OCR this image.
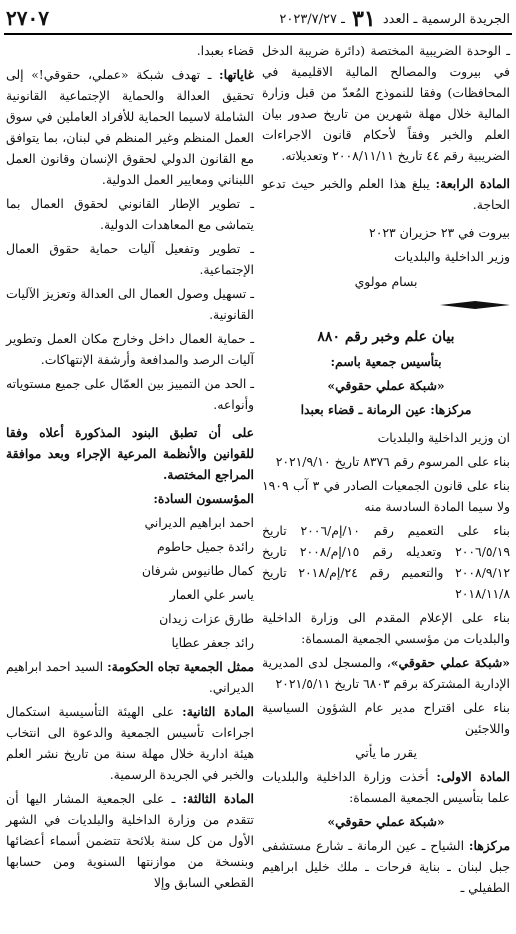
الجريدة الرسمية ـ العدد ٣١ ـ ٢٠٢٣/٧/٢٧
٢٧٠٧

ـ الوحدة الضريبية المختصة (دائرة ضريبة الدخل في بيروت والمصالح المالية الاقليمية في المحافظات) وفقا للنموذج المُعدّ من قبل وزارة المالية خلال مهلة شهرين من تاريخ صدور بيان العلم والخبر وفقاً لأحكام قانون الاجراءات الضريبية رقم ٤٤ تاريخ ٢٠٠٨/١١/١١ وتعديلاته.

المادة الرابعة: يبلغ هذا العلم والخبر حيث تدعو الحاجة.

بيروت في ٢٣ حزيران ٢٠٢٣

وزير الداخلية والبلديات

بسام مولوي

بيان علم وخبر رقم ٨٨٠

بتأسيس جمعية باسم:

«شبكة عملي حقوقي»

مركزها: عين الرمانة ـ قضاء بعبدا

ان وزير الداخلية والبلديات

بناء على المرسوم رقم ٨٣٧٦ تاريخ ٢٠٢١/٩/١٠

بناء على قانون الجمعيات الصادر في ٣ آب ١٩٠٩ ولا سيما المادة السادسة منه

بناء على التعميم رقم ١٠/إم/٢٠٠٦ تاريخ ٢٠٠٦/٥/١٩ وتعديله رقم ١٥/إم/٢٠٠٨ تاريخ ٢٠٠٨/٩/١٢ والتعميم رقم ٢٤/إم/٢٠١٨ تاريخ ٢٠١٨/١١/٨

بناء على الإعلام المقدم الى وزارة الداخلية والبلديات من مؤسسي الجمعية المسماة:

«شبكة عملي حقوقي»، والمسجل لدى المديرية الإدارية المشتركة برقم ٦٨٠٣ تاريخ ٢٠٢١/٥/١١

بناء على اقتراح مدير عام الشؤون السياسية واللاجئين

يقرر ما يأتي

المادة الاولى: أخذت وزارة الداخلية والبلديات علما بتأسيس الجمعية المسماة:

«شبكة عملي حقوقي»

مركزها: الشياح ـ عين الرمانة ـ شارع مستشفى جبل لبنان ـ بناية فرحات ـ ملك خليل ابراهيم الطفيلي ـ

قضاء بعبدا.

غاياتها: ـ تهدف شبكة «عملي، حقوقي!» إلى تحقيق العدالة والحماية الإجتماعية القانونية الشاملة لاسيما الحماية للأفراد العاملين في سوق العمل المنظم وغير المنظم في لبنان، بما يتوافق مع القانون الدولي لحقوق الإنسان وقانون العمل اللبناني ومعايير العمل الدولية.

ـ تطوير الإطار القانوني لحقوق العمال بما يتماشى مع المعاهدات الدولية.

ـ تطوير وتفعيل آليات حماية حقوق العمال الإجتماعية.

ـ تسهيل وصول العمال الى العدالة وتعزيز الآليات القانونية.

ـ حماية العمال داخل وخارج مكان العمل وتطوير آليات الرصد والمدافعة وأرشفة الإنتهاكات.

ـ الحد من التمييز بين العمّال على جميع مستوياته وأنواعه.

على أن تطبق البنود المذكورة أعلاه وفقا للقوانين والأنظمة المرعية الإجراء وبعد موافقة المراجع المختصة.

المؤسسون السادة:

احمد ابراهيم الديراني

رائدة جميل حاطوم

كمال طانيوس شرفان

ياسر علي العمار

طارق عزات زيدان

رائد جعفر عطايا

ممثل الجمعية تجاه الحكومة: السيد احمد ابراهيم الديراني.

المادة الثانية: على الهيئة التأسيسية استكمال اجراءات تأسيس الجمعية والدعوة الى انتخاب هيئة ادارية خلال مهلة سنة من تاريخ نشر العلم والخبر في الجريدة الرسمية.

المادة الثالثة: ـ على الجمعية المشار اليها أن تتقدم من وزارة الداخلية والبلديات في الشهر الأول من كل سنة بلائحة تتضمن أسماء أعضائها وبنسخة من موازنتها السنوية ومن حسابها القطعي السابق وإلا
